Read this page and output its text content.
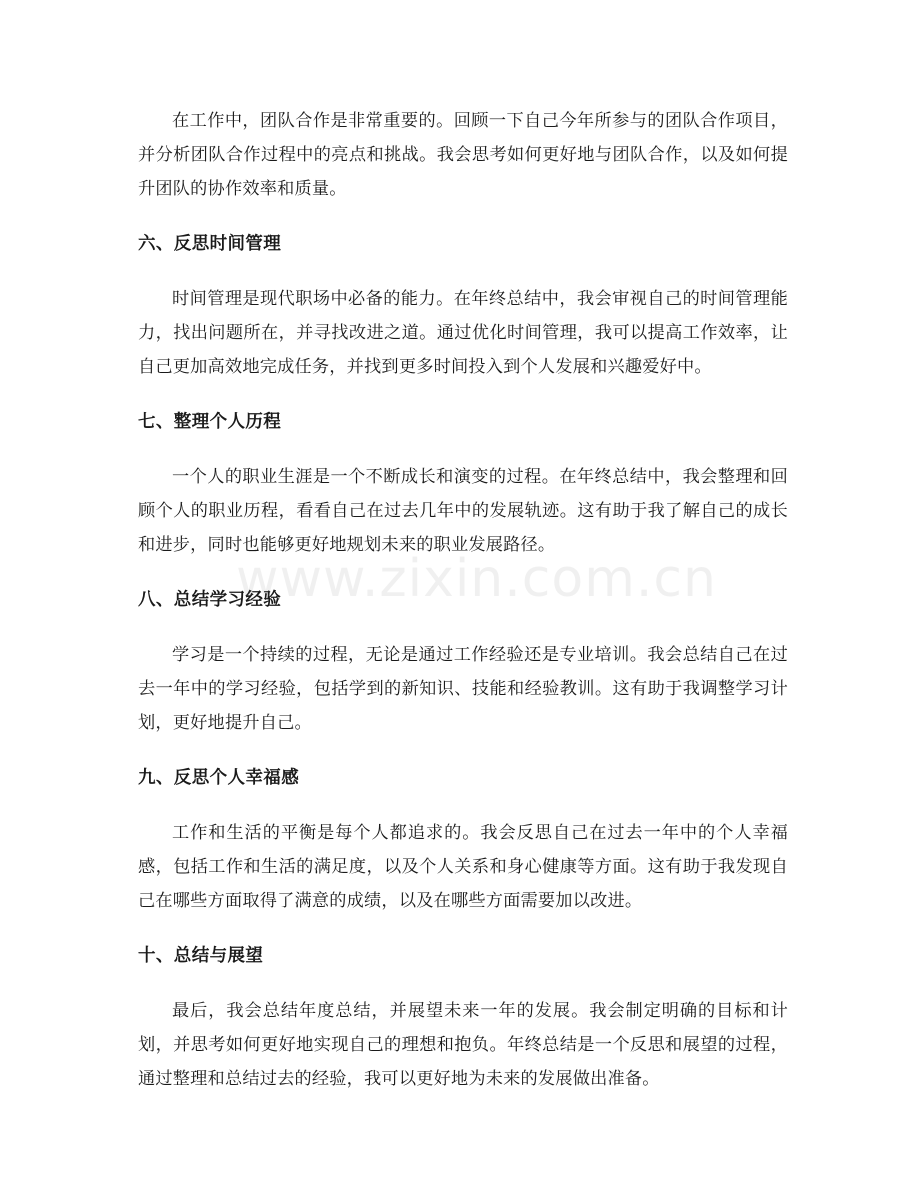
在工作中，团队合作是非常重要的。回顾一下自己今年所参与的团队合作项目，并分析团队合作过程中的亮点和挑战。我会思考如何更好地与团队合作，以及如何提升团队的协作效率和质量。

六、反思时间管理

时间管理是现代职场中必备的能力。在年终总结中，我会审视自己的时间管理能力，找出问题所在，并寻找改进之道。通过优化时间管理，我可以提高工作效率，让自己更加高效地完成任务，并找到更多时间投入到个人发展和兴趣爱好中。

七、整理个人历程

一个人的职业生涯是一个不断成长和演变的过程。在年终总结中，我会整理和回顾个人的职业历程，看看自己在过去几年中的发展轨迹。这有助于我了解自己的成长和进步，同时也能够更好地规划未来的职业发展路径。

八、总结学习经验

学习是一个持续的过程，无论是通过工作经验还是专业培训。我会总结自己在过去一年中的学习经验，包括学到的新知识、技能和经验教训。这有助于我调整学习计划，更好地提升自己。

九、反思个人幸福感

工作和生活的平衡是每个人都追求的。我会反思自己在过去一年中的个人幸福感，包括工作和生活的满足度，以及个人关系和身心健康等方面。这有助于我发现自己在哪些方面取得了满意的成绩，以及在哪些方面需要加以改进。

十、总结与展望

最后，我会总结年度总结，并展望未来一年的发展。我会制定明确的目标和计划，并思考如何更好地实现自己的理想和抱负。年终总结是一个反思和展望的过程，通过整理和总结过去的经验，我可以更好地为未来的发展做出准备。

www.zixin.com.cn
